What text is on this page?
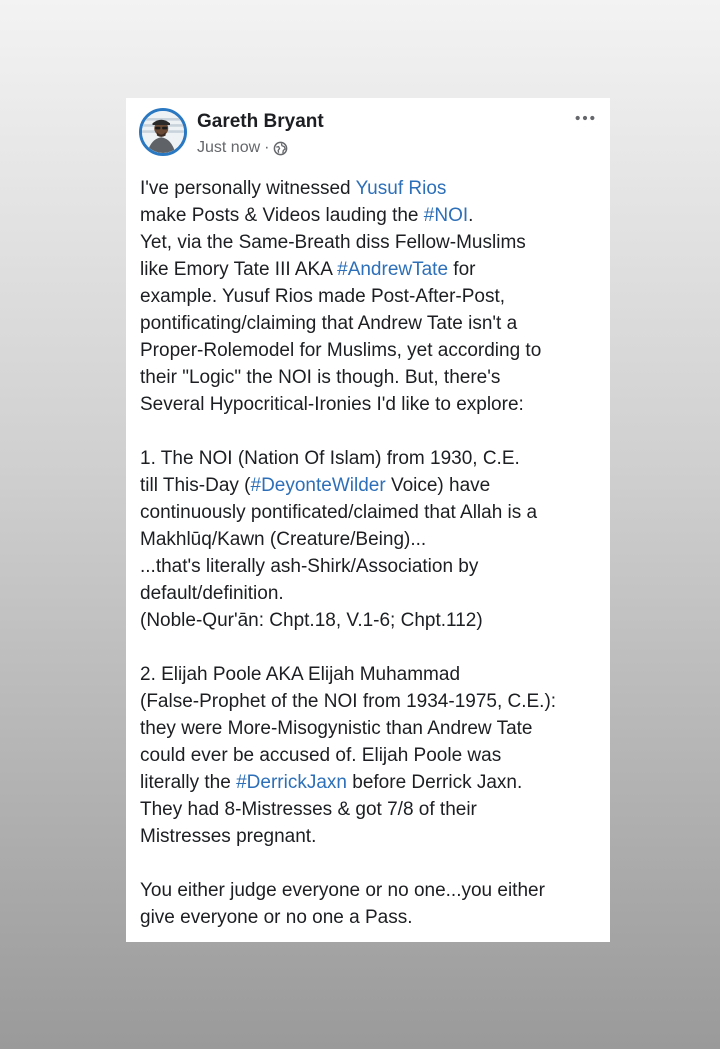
Gareth Bryant
Just now ·

I've personally witnessed Yusuf Rios
make Posts & Videos lauding the #NOI.
Yet, via the Same-Breath diss Fellow-Muslims
like Emory Tate III AKA #AndrewTate for
example. Yusuf Rios made Post-After-Post,
pontificating/claiming that Andrew Tate isn't a
Proper-Rolemodel for Muslims, yet according to
their "Logic" the NOI is though. But, there's
Several Hypocritical-Ironies I'd like to explore:

1. The NOI (Nation Of Islam) from 1930, C.E.
till This-Day (#DeyonteWilder Voice) have
continuously pontificated/claimed that Allah is a
Makhlūq/Kawn (Creature/Being)...
...that's literally ash-Shirk/Association by
default/definition.
(Noble-Qur'ān: Chpt.18, V.1-6; Chpt.112)

2. Elijah Poole AKA Elijah Muhammad
(False-Prophet of the NOI from 1934-1975, C.E.):
they were More-Misogynistic than Andrew Tate
could ever be accused of. Elijah Poole was
literally the #DerrickJaxn before Derrick Jaxn.
They had 8-Mistresses & got 7/8 of their
Mistresses pregnant.

You either judge everyone or no one...you either
give everyone or no one a Pass.
